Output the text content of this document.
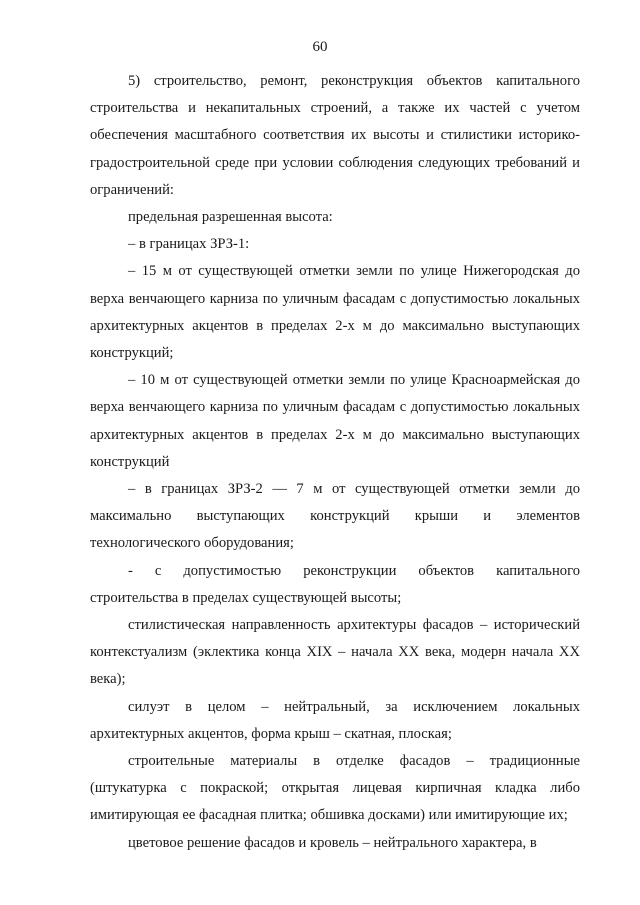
60

5) строительство, ремонт, реконструкция объектов капитального строительства и некапитальных строений, а также их частей с учетом обеспечения масштабного соответствия их высоты и стилистики историко-градостроительной среде при условии соблюдения следующих требований и ограничений:

предельная разрешенная высота:

– в границах ЗРЗ-1:

– 15 м от существующей отметки земли по улице Нижегородская до верха венчающего карниза по уличным фасадам с допустимостью локальных архитектурных акцентов в пределах 2-х м до максимально выступающих конструкций;

– 10 м от существующей отметки земли по улице Красноармейская до верха венчающего карниза по уличным фасадам с допустимостью локальных архитектурных акцентов в пределах 2-х м до максимально выступающих конструкций

– в границах ЗРЗ-2 — 7 м от существующей отметки земли до максимально выступающих конструкций крыши и элементов технологического оборудования;

- с допустимостью реконструкции объектов капитального строительства в пределах существующей высоты;

стилистическая направленность архитектуры фасадов – исторический контекстуализм (эклектика конца XIX – начала XX века, модерн начала XX века);

силуэт в целом – нейтральный, за исключением локальных архитектурных акцентов, форма крыш – скатная, плоская;

строительные материалы в отделке фасадов – традиционные (штукатурка с покраской; открытая лицевая кирпичная кладка либо имитирующая ее фасадная плитка; обшивка досками) или имитирующие их;

цветовое решение фасадов и кровель – нейтрального характера, в
